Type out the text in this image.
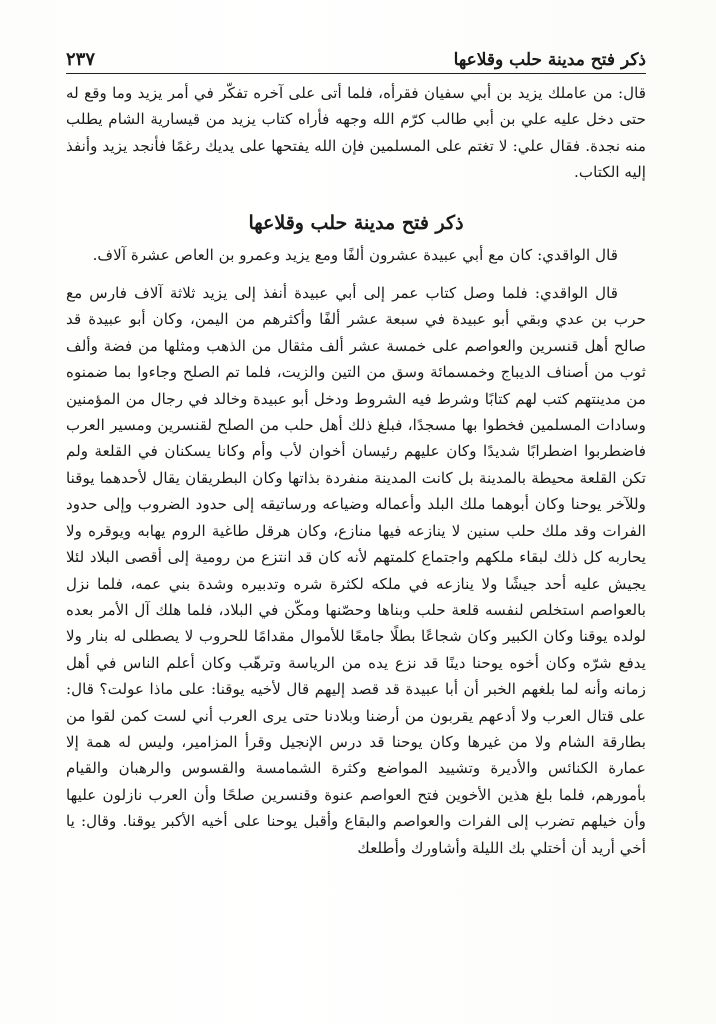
ذكر فتح مدينة حلب وقلاعها
٢٣٧

قال: من عاملك يزيد بن أبي سفيان فقرأه، فلما أتى على آخره تفكّر في أمر يزيد وما وقع له حتى دخل عليه علي بن أبي طالب كرّم الله وجهه فأراه كتاب يزيد من قيسارية الشام يطلب منه نجدة. فقال علي: لا تغتم على المسلمين فإن الله يفتحها على يديك رغمًا فأنجد يزيد وأنفذ إليه الكتاب.

ذكر فتح مدينة حلب وقلاعها

قال الواقدي: كان مع أبي عبيدة عشرون ألفًا ومع يزيد وعمرو بن العاص عشرة آلاف.

قال الواقدي: فلما وصل كتاب عمر إلى أبي عبيدة أنفذ إلى يزيد ثلاثة آلاف فارس مع حرب بن عدي وبقي أبو عبيدة في سبعة عشر ألفًا وأكثرهم من اليمن، وكان أبو عبيدة قد صالح أهل قنسرين والعواصم على خمسة عشر ألف مثقال من الذهب ومثلها من فضة وألف ثوب من أصناف الديباج وخمسمائة وسق من التين والزيت، فلما تم الصلح وجاءوا بما ضمنوه من مدينتهم كتب لهم كتابًا وشرط فيه الشروط ودخل أبو عبيدة وخالد في رجال من المؤمنين وسادات المسلمين فخطوا بها مسجدًا، فبلغ ذلك أهل حلب من الصلح لقنسرين ومسير العرب فاضطربوا اضطرابًا شديدًا وكان عليهم رئيسان أخوان لأب وأم وكانا يسكنان في القلعة ولم تكن القلعة محيطة بالمدينة بل كانت المدينة منفردة بذاتها وكان البطريقان يقال لأحدهما يوقنا وللآخر يوحنا وكان أبوهما ملك البلد وأعماله وضياعه ورساتيقه إلى حدود الضروب وإلى حدود الفرات وقد ملك حلب سنين لا ينازعه فيها منازع، وكان هرقل طاغية الروم يهابه ويوقره ولا يحاربه كل ذلك لبقاء ملكهم واجتماع كلمتهم لأنه كان قد انتزع من رومية إلى أقصى البلاد لئلا يجيش عليه أحد جيشًا ولا ينازعه في ملكه لكثرة شره وتدبيره وشدة بني عمه، فلما نزل بالعواصم استخلص لنفسه قلعة حلب وبناها وحصّنها ومكّن في البلاد، فلما هلك آل الأمر بعده لولده يوقنا وكان الكبير وكان شجاعًا بطلًا جامعًا للأموال مقدامًا للحروب لا يصطلى له بنار ولا يدفع شرّه وكان أخوه يوحنا دينًا قد نزع يده من الرياسة وترهّب وكان أعلم الناس في أهل زمانه وأنه لما بلغهم الخبر أن أبا عبيدة قد قصد إليهم قال لأخيه يوقنا: على ماذا عولت؟ قال: على قتال العرب ولا أدعهم يقربون من أرضنا وبلادنا حتى يرى العرب أني لست كمن لقوا من بطارقة الشام ولا من غيرها وكان يوحنا قد درس الإنجيل وقرأ المزامير، وليس له همة إلا عمارة الكنائس والأديرة وتشييد المواضع وكثرة الشمامسة والقسوس والرهبان والقيام بأمورهم، فلما بلغ هذين الأخوين فتح العواصم عنوة وقنسرين صلحًا وأن العرب نازلون عليها وأن خيلهم تضرب إلى الفرات والعواصم والبقاع وأقبل يوحنا على أخيه الأكبر يوقنا. وقال: يا أخي أريد أن أختلي بك الليلة وأشاورك وأطلعك
